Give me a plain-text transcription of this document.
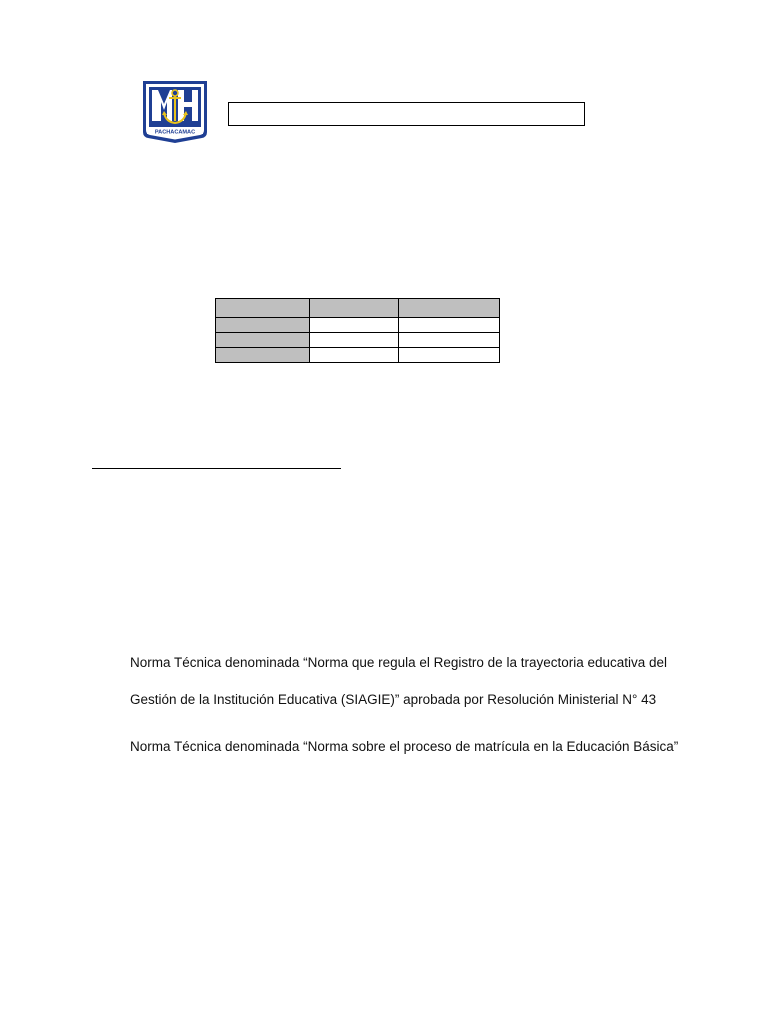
PACHACAMAC

Norma Técnica denominada “Norma que regula el Registro de la trayectoria educativa del
Gestión de la Institución Educativa (SIAGIE)” aprobada por Resolución Ministerial N° 43
Norma Técnica denominada “Norma sobre el proceso de matrícula en la Educación Básica”
